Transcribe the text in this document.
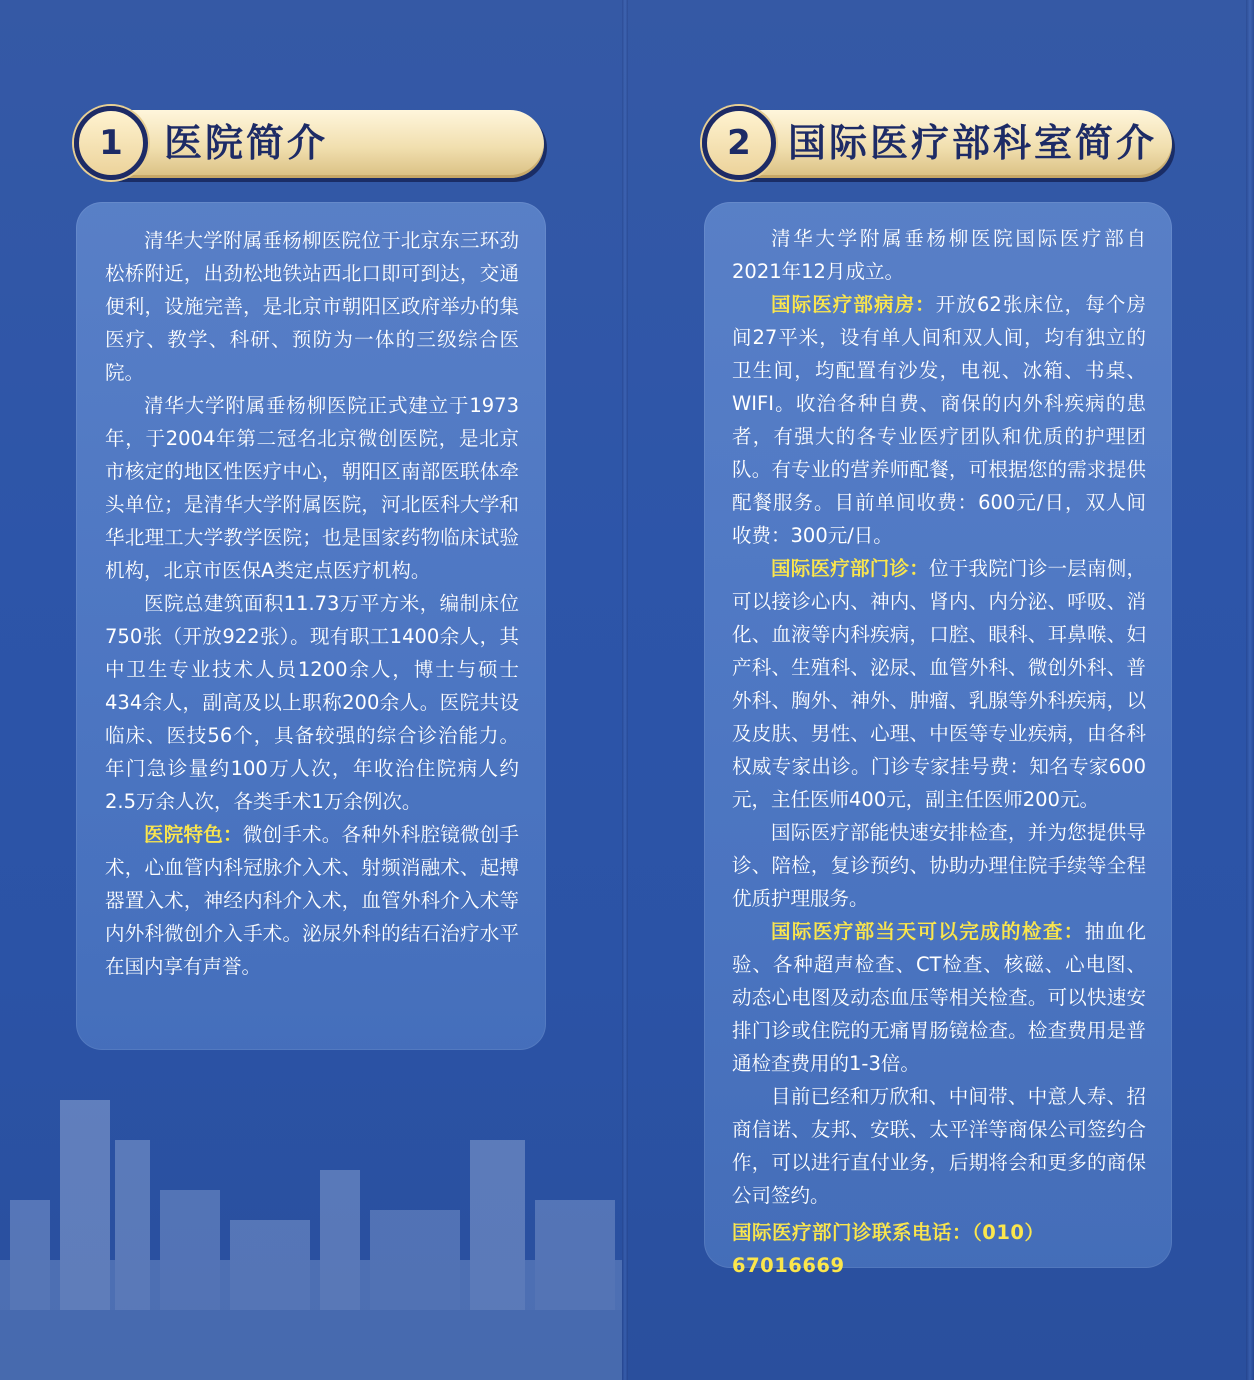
1	医院简介

清华大学附属垂杨柳医院位于北京东三环劲松桥附近，出劲松地铁站西北口即可到达，交通便利，设施完善，是北京市朝阳区政府举办的集医疗、教学、科研、预防为一体的三级综合医院。

清华大学附属垂杨柳医院正式建立于1973年，于2004年第二冠名北京微创医院，是北京市核定的地区性医疗中心，朝阳区南部医联体牵头单位；是清华大学附属医院，河北医科大学和华北理工大学教学医院；也是国家药物临床试验机构，北京市医保A类定点医疗机构。

医院总建筑面积11.73万平方米，编制床位750张（开放922张）。现有职工1400余人，其中卫生专业技术人员1200余人，博士与硕士434余人，副高及以上职称200余人。医院共设临床、医技56个，具备较强的综合诊治能力。年门急诊量约100万人次，年收治住院病人约2.5万余人次，各类手术1万余例次。

医院特色：微创手术。各种外科腔镜微创手术，心血管内科冠脉介入术、射频消融术、起搏器置入术，神经内科介入术，血管外科介入术等内外科微创介入手术。泌尿外科的结石治疗水平在国内享有声誉。

2 国际医疗部科室简介

清华大学附属垂杨柳医院国际医疗部自2021年12月成立。

国际医疗部病房：开放62张床位，每个房间27平米，设有单人间和双人间，均有独立的卫生间，均配置有沙发，电视、冰箱、书桌、WIFI。收治各种自费、商保的内外科疾病的患者，有强大的各专业医疗团队和优质的护理团队。有专业的营养师配餐，可根据您的需求提供配餐服务。目前单间收费：600元/日，双人间收费：300元/日。

国际医疗部门诊：位于我院门诊一层南侧，可以接诊心内、神内、肾内、内分泌、呼吸、消化、血液等内科疾病，口腔、眼科、耳鼻喉、妇产科、生殖科、泌尿、血管外科、微创外科、普外科、胸外、神外、肿瘤、乳腺等外科疾病，以及皮肤、男性、心理、中医等专业疾病，由各科权威专家出诊。门诊专家挂号费：知名专家600元，主任医师400元，副主任医师200元。

国际医疗部能快速安排检查，并为您提供导诊、陪检，复诊预约、协助办理住院手续等全程优质护理服务。

国际医疗部当天可以完成的检查：抽血化验、各种超声检查、CT检查、核磁、心电图、动态心电图及动态血压等相关检查。可以快速安排门诊或住院的无痛胃肠镜检查。检查费用是普通检查费用的1-3倍。

目前已经和万欣和、中间带、中意人寿、招商信诺、友邦、安联、太平洋等商保公司签约合作，可以进行直付业务，后期将会和更多的商保公司签约。

国际医疗部门诊联系电话：（010）67016669
